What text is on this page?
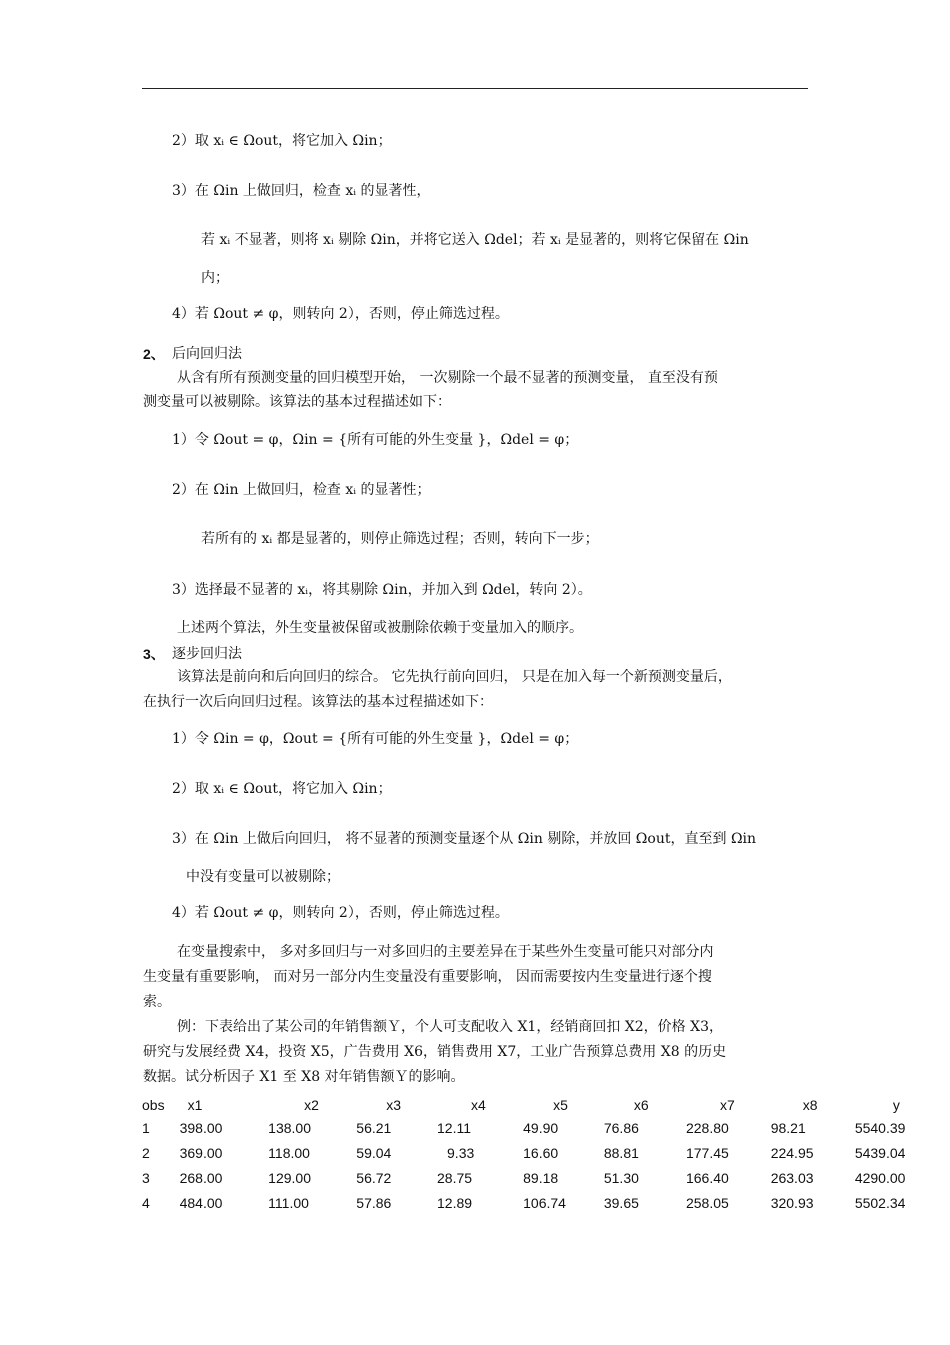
2）取 xᵢ ∈ Ωout，将它加入 Ωin；
3）在 Ωin 上做回归，检查 xᵢ 的显著性，
若 xᵢ 不显著，则将 xᵢ 剔除 Ωin，并将它送入 Ωdel；若 xᵢ 是显著的，则将它保留在 Ωin
内；
4）若 Ωout ≠ φ，则转向 2），否则，停止筛选过程。
2、 后向回归法
从含有所有预测变量的回归模型开始， 一次剔除一个最不显著的预测变量， 直至没有预
测变量可以被剔除。该算法的基本过程描述如下：
1）令 Ωout = φ，Ωin = {所有可能的外生变量 }，Ωdel = φ；
2）在 Ωin 上做回归，检查 xᵢ 的显著性；
若所有的 xᵢ 都是显著的，则停止筛选过程；否则，转向下一步；
3）选择最不显著的 xᵢ，将其剔除 Ωin，并加入到 Ωdel，转向 2）。
上述两个算法，外生变量被保留或被删除依赖于变量加入的顺序。
3、 逐步回归法
该算法是前向和后向回归的综合。 它先执行前向回归， 只是在加入每一个新预测变量后，
在执行一次后向回归过程。该算法的基本过程描述如下：
1）令 Ωin = φ，Ωout = {所有可能的外生变量 }，Ωdel = φ；
2）取 xᵢ ∈ Ωout，将它加入 Ωin；
3）在 Ωin 上做后向回归， 将不显著的预测变量逐个从 Ωin 剔除，并放回 Ωout，直至到 Ωin
中没有变量可以被剔除；
4）若 Ωout ≠ φ，则转向 2），否则，停止筛选过程。
在变量搜索中， 多对多回归与一对多回归的主要差异在于某些外生变量可能只对部分内
生变量有重要影响， 而对另一部分内生变量没有重要影响， 因而需要按内生变量进行逐个搜
索。
例：下表给出了某公司的年销售额Ｙ，个人可支配收入 X1，经销商回扣 X2，价格 X3，
研究与发展经费 X4，投资 X5，广告费用 X6，销售费用 X7，工业广告预算总费用 X8 的历史
数据。试分析因子 X1 至 X8 对年销售额Ｙ的影响。
obs	x1	x2	x3	x4	x5	x6	x7	x8	y
1	398.00	138.00	56.21	12.11	49.90	76.86	228.80	98.21	5540.39
2	369.00	118.00	59.04	9.33	16.60	88.81	177.45	224.95	5439.04
3	268.00	129.00	56.72	28.75	89.18	51.30	166.40	263.03	4290.00
4	484.00	111.00	57.86	12.89	106.74	39.65	258.05	320.93	5502.34
